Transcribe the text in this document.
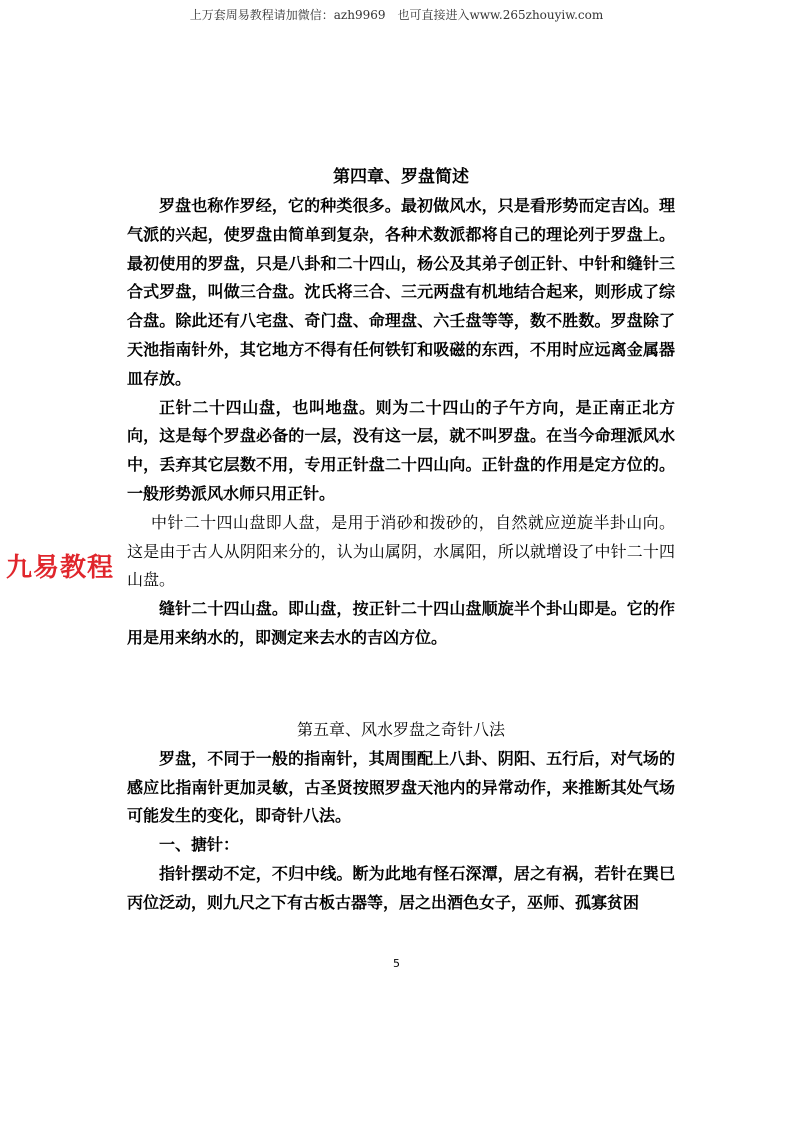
上万套周易教程请加微信：azh9969　也可直接进入www.265zhouyiw.com
九易教程
第四章、罗盘简述

罗盘也称作罗经，它的种类很多。最初做风水，只是看形势而定吉凶。理气派的兴起，使罗盘由简单到复杂，各种术数派都将自己的理论列于罗盘上。最初使用的罗盘，只是八卦和二十四山，杨公及其弟子创正针、中针和缝针三合式罗盘，叫做三合盘。沈氏将三合、三元两盘有机地结合起来，则形成了综合盘。除此还有八宅盘、奇门盘、命理盘、六壬盘等等，数不胜数。罗盘除了天池指南针外，其它地方不得有任何铁钉和吸磁的东西，不用时应远离金属器皿存放。

正针二十四山盘，也叫地盘。则为二十四山的子午方向，是正南正北方向，这是每个罗盘必备的一层，没有这一层，就不叫罗盘。在当今命理派风水中，丢弃其它层数不用，专用正针盘二十四山向。正针盘的作用是定方位的。一般形势派风水师只用正针。

中针二十四山盘即人盘，是用于消砂和拨砂的，自然就应逆旋半卦山向。这是由于古人从阴阳来分的，认为山属阴，水属阳，所以就增设了中针二十四山盘。

缝针二十四山盘。即山盘，按正针二十四山盘顺旋半个卦山即是。它的作用是用来纳水的，即测定来去水的吉凶方位。

第五章、风水罗盘之奇针八法

罗盘，不同于一般的指南针，其周围配上八卦、阴阳、五行后，对气场的感应比指南针更加灵敏，古圣贤按照罗盘天池内的异常动作，来推断其处气场可能发生的变化，即奇针八法。

一、搪针：

指针摆动不定，不归中线。断为此地有怪石深潭，居之有祸，若针在巽巳丙位泛动，则九尺之下有古板古器等，居之出酒色女子，巫师、孤寡贫困

5
